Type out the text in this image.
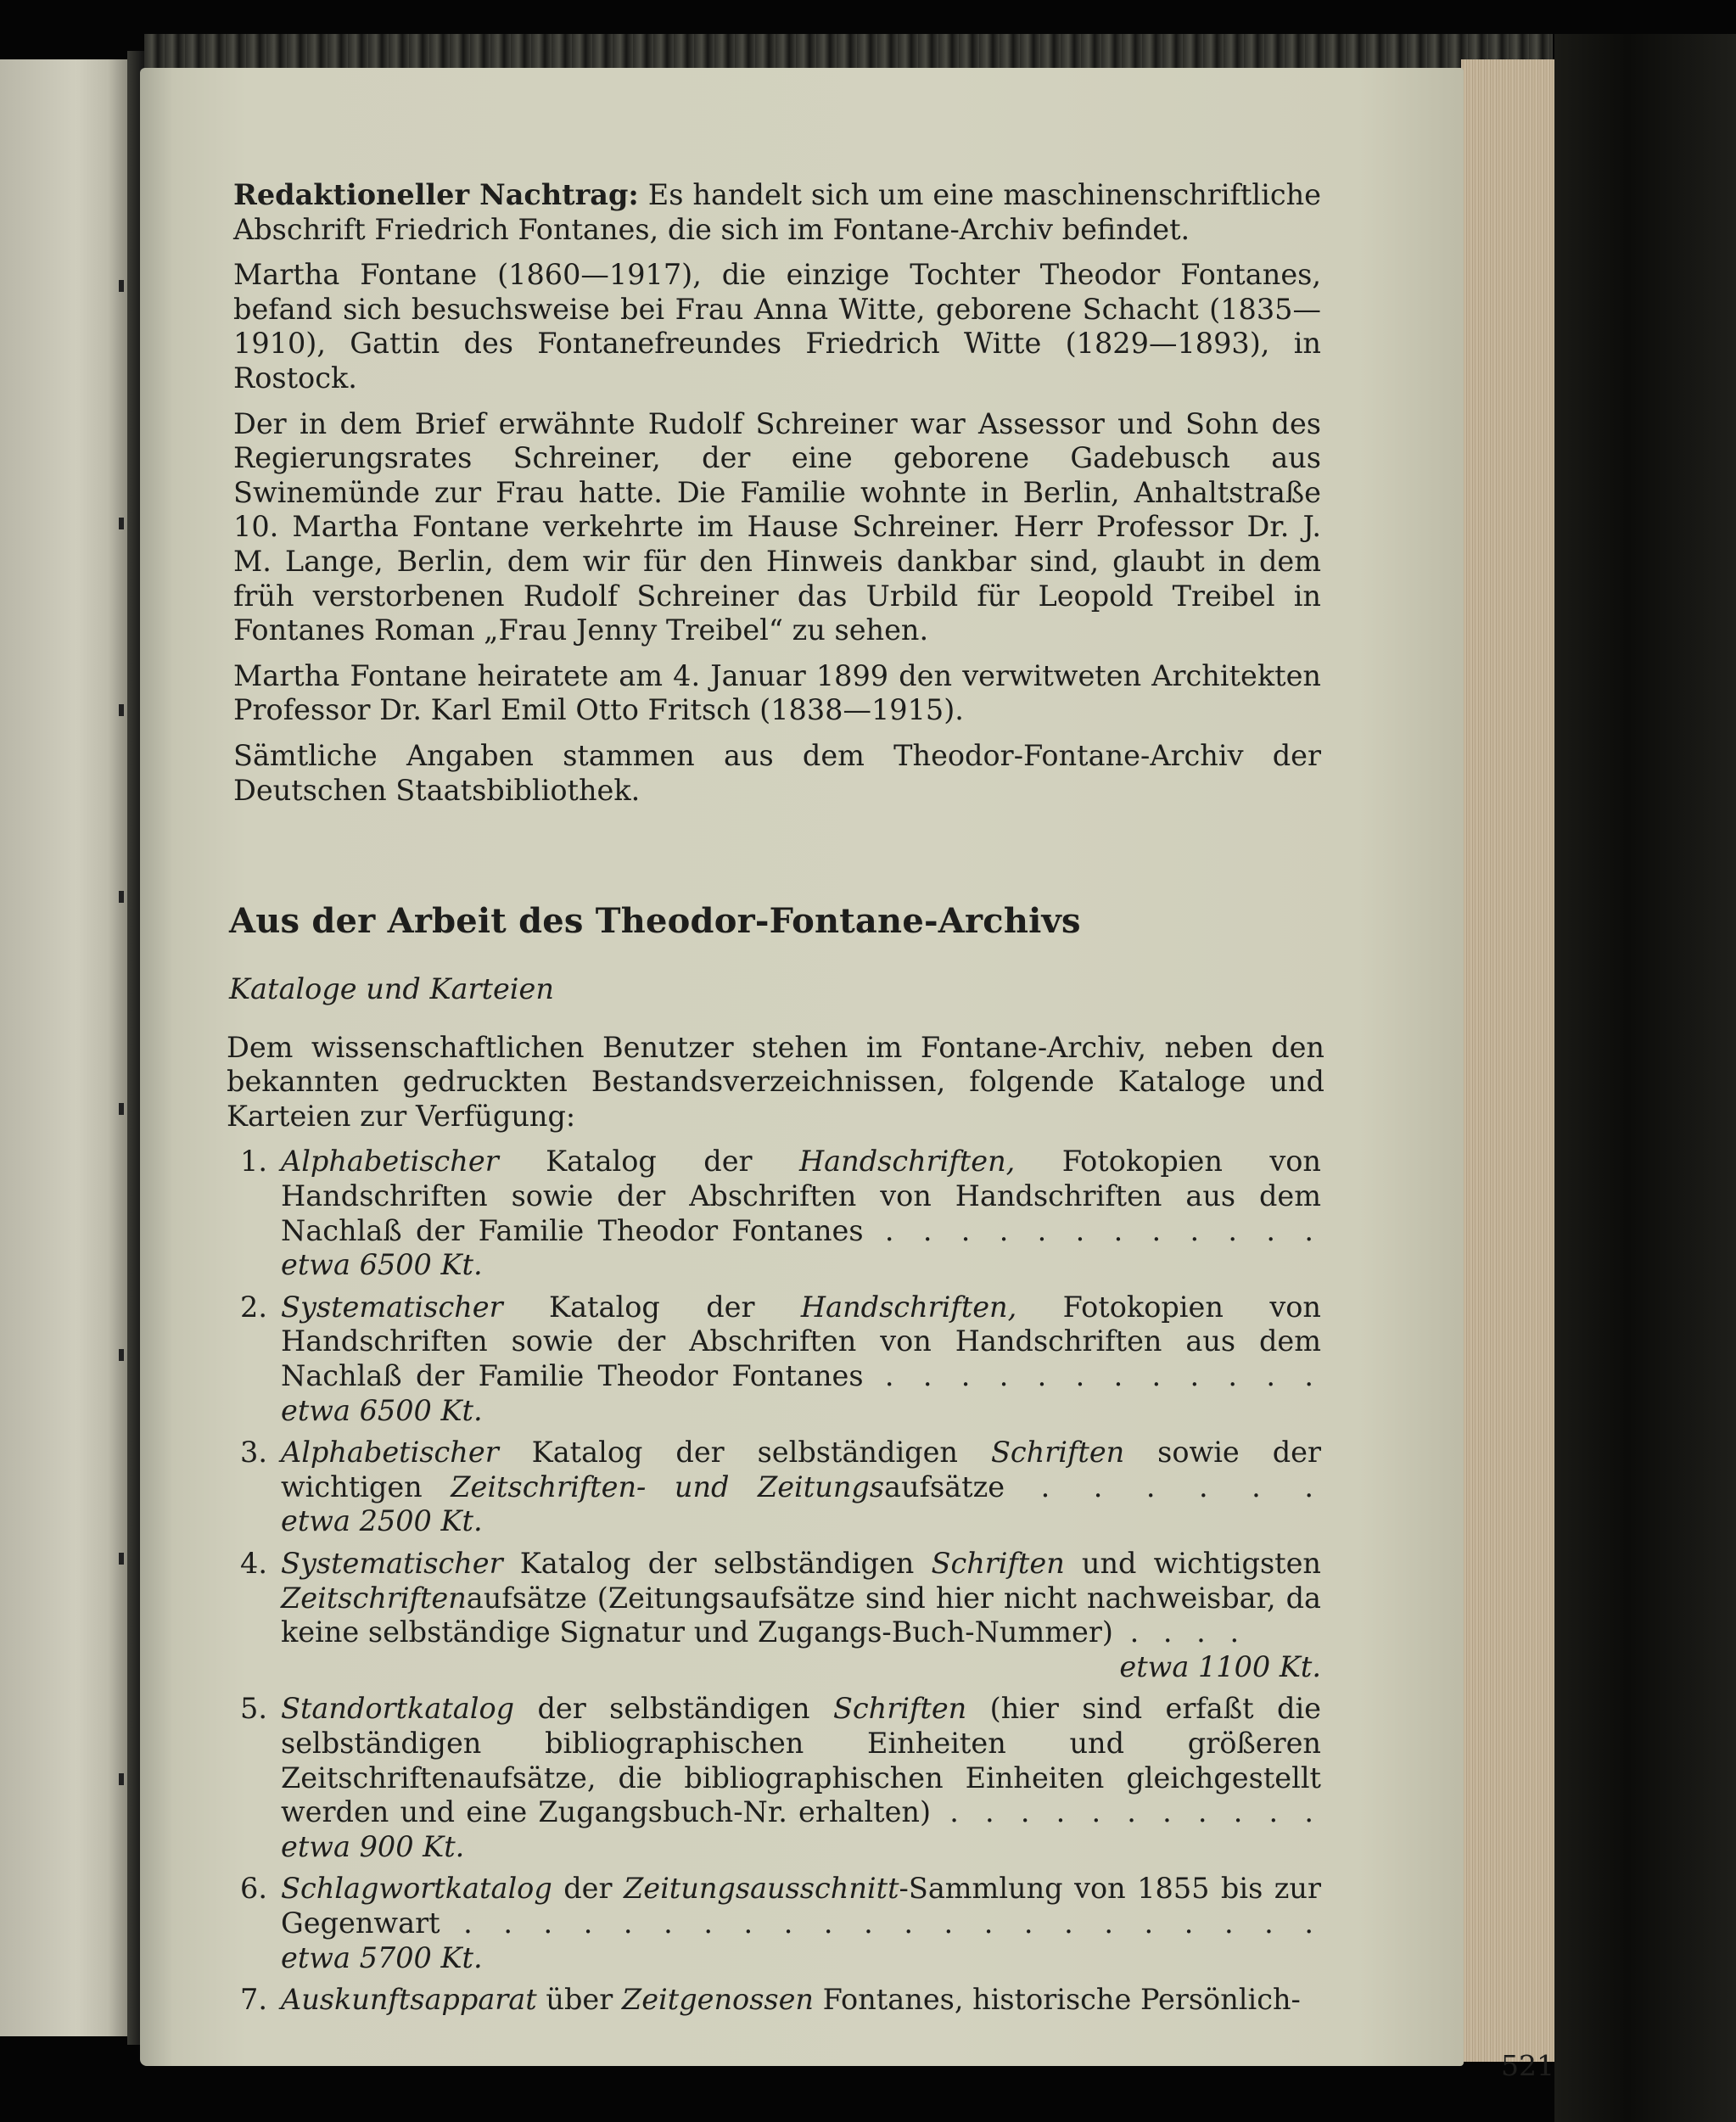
Redaktioneller Nachtrag: Es handelt sich um eine maschinenschriftliche Abschrift Friedrich Fontanes, die sich im Fontane-Archiv befindet.

Martha Fontane (1860—1917), die einzige Tochter Theodor Fontanes, befand sich besuchsweise bei Frau Anna Witte, geborene Schacht (1835—1910), Gattin des Fontanefreundes Friedrich Witte (1829—1893), in Rostock.

Der in dem Brief erwähnte Rudolf Schreiner war Assessor und Sohn des Regierungsrates Schreiner, der eine geborene Gadebusch aus Swinemünde zur Frau hatte. Die Familie wohnte in Berlin, Anhaltstraße 10. Martha Fontane verkehrte im Hause Schreiner. Herr Professor Dr. J. M. Lange, Berlin, dem wir für den Hinweis dankbar sind, glaubt in dem früh verstorbenen Rudolf Schreiner das Urbild für Leopold Treibel in Fontanes Roman „Frau Jenny Treibel“ zu sehen.

Martha Fontane heiratete am 4. Januar 1899 den verwitweten Architekten Professor Dr. Karl Emil Otto Fritsch (1838—1915).

Sämtliche Angaben stammen aus dem Theodor-Fontane-Archiv der Deutschen Staatsbibliothek.

Aus der Arbeit des Theodor-Fontane-Archivs
Kataloge und Karteien

Dem wissenschaftlichen Benutzer stehen im Fontane-Archiv, neben den bekannten gedruckten Bestandsverzeichnissen, folgende Kataloge und Karteien zur Verfügung:

1. Alphabetischer Katalog der Handschriften, Fotokopien von Handschriften sowie der Abschriften von Handschriften aus dem Nachlaß der Familie Theodor Fontanes . . . . . . . . . . . . etwa 6500 Kt.
2. Systematischer Katalog der Handschriften, Fotokopien von Handschriften sowie der Abschriften von Handschriften aus dem Nachlaß der Familie Theodor Fontanes . . . . . . . . . . . . etwa 6500 Kt.
3. Alphabetischer Katalog der selbständigen Schriften sowie der wichtigen Zeitschriften- und Zeitungsaufsätze . . . . . . etwa 2500 Kt.
4. Systematischer Katalog der selbständigen Schriften und wichtigsten Zeitschriftenaufsätze (Zeitungsaufsätze sind hier nicht nachweisbar, da keine selbständige Signatur und Zugangs-Buch-Nummer) . . . .
etwa 1100 Kt.
5. Standortkatalog der selbständigen Schriften (hier sind erfaßt die selbständigen bibliographischen Einheiten und größeren Zeitschriftenaufsätze, die bibliographischen Einheiten gleichgestellt werden und eine Zugangsbuch-Nr. erhalten) . . . . . . . . . . . etwa 900 Kt.
6. Schlagwortkatalog der Zeitungsausschnitt-Sammlung von 1855 bis zur Gegenwart . . . . . . . . . . . . . . . . . . . . . . etwa 5700 Kt.
7. Auskunftsapparat über Zeitgenossen Fontanes, historische Persönlich-
521
